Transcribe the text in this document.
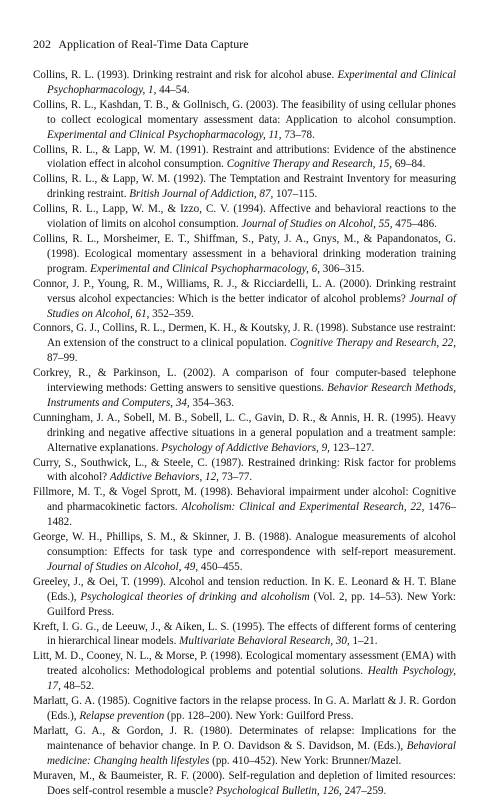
202 Application of Real-Time Data Capture

Collins, R. L. (1993). Drinking restraint and risk for alcohol abuse. Experimental and Clinical Psychopharmacology, 1, 44–54.

Collins, R. L., Kashdan, T. B., & Gollnisch, G. (2003). The feasibility of using cellular phones to collect ecological momentary assessment data: Application to alcohol consumption. Experimental and Clinical Psychopharmacology, 11, 73–78.

Collins, R. L., & Lapp, W. M. (1991). Restraint and attributions: Evidence of the abstinence violation effect in alcohol consumption. Cognitive Therapy and Research, 15, 69–84.

Collins, R. L., & Lapp, W. M. (1992). The Temptation and Restraint Inventory for measuring drinking restraint. British Journal of Addiction, 87, 107–115.

Collins, R. L., Lapp, W. M., & Izzo, C. V. (1994). Affective and behavioral reactions to the violation of limits on alcohol consumption. Journal of Studies on Alcohol, 55, 475–486.

Collins, R. L., Morsheimer, E. T., Shiffman, S., Paty, J. A., Gnys, M., & Papandonatos, G. (1998). Ecological momentary assessment in a behavioral drinking moderation training program. Experimental and Clinical Psychopharmacology, 6, 306–315.

Connor, J. P., Young, R. M., Williams, R. J., & Ricciardelli, L. A. (2000). Drinking restraint versus alcohol expectancies: Which is the better indicator of alcohol problems? Journal of Studies on Alcohol, 61, 352–359.

Connors, G. J., Collins, R. L., Dermen, K. H., & Koutsky, J. R. (1998). Substance use restraint: An extension of the construct to a clinical population. Cognitive Therapy and Research, 22, 87–99.

Corkrey, R., & Parkinson, L. (2002). A comparison of four computer-based telephone interviewing methods: Getting answers to sensitive questions. Behavior Research Methods, Instruments and Computers, 34, 354–363.

Cunningham, J. A., Sobell, M. B., Sobell, L. C., Gavin, D. R., & Annis, H. R. (1995). Heavy drinking and negative affective situations in a general population and a treatment sample: Alternative explanations. Psychology of Addictive Behaviors, 9, 123–127.

Curry, S., Southwick, L., & Steele, C. (1987). Restrained drinking: Risk factor for problems with alcohol? Addictive Behaviors, 12, 73–77.

Fillmore, M. T., & Vogel Sprott, M. (1998). Behavioral impairment under alcohol: Cognitive and pharmacokinetic factors. Alcoholism: Clinical and Experimental Research, 22, 1476–1482.

George, W. H., Phillips, S. M., & Skinner, J. B. (1988). Analogue measurements of alcohol consumption: Effects for task type and correspondence with self-report measurement. Journal of Studies on Alcohol, 49, 450–455.

Greeley, J., & Oei, T. (1999). Alcohol and tension reduction. In K. E. Leonard & H. T. Blane (Eds.), Psychological theories of drinking and alcoholism (Vol. 2, pp. 14–53). New York: Guilford Press.

Kreft, I. G. G., de Leeuw, J., & Aiken, L. S. (1995). The effects of different forms of centering in hierarchical linear models. Multivariate Behavioral Research, 30, 1–21.

Litt, M. D., Cooney, N. L., & Morse, P. (1998). Ecological momentary assessment (EMA) with treated alcoholics: Methodological problems and potential solutions. Health Psychology, 17, 48–52.

Marlatt, G. A. (1985). Cognitive factors in the relapse process. In G. A. Marlatt & J. R. Gordon (Eds.), Relapse prevention (pp. 128–200). New York: Guilford Press.

Marlatt, G. A., & Gordon, J. R. (1980). Determinates of relapse: Implications for the maintenance of behavior change. In P. O. Davidson & S. Davidson, M. (Eds.), Behavioral medicine: Changing health lifestyles (pp. 410–452). New York: Brunner/Mazel.

Muraven, M., & Baumeister, R. F. (2000). Self-regulation and depletion of limited resources: Does self-control resemble a muscle? Psychological Bulletin, 126, 247–259.
